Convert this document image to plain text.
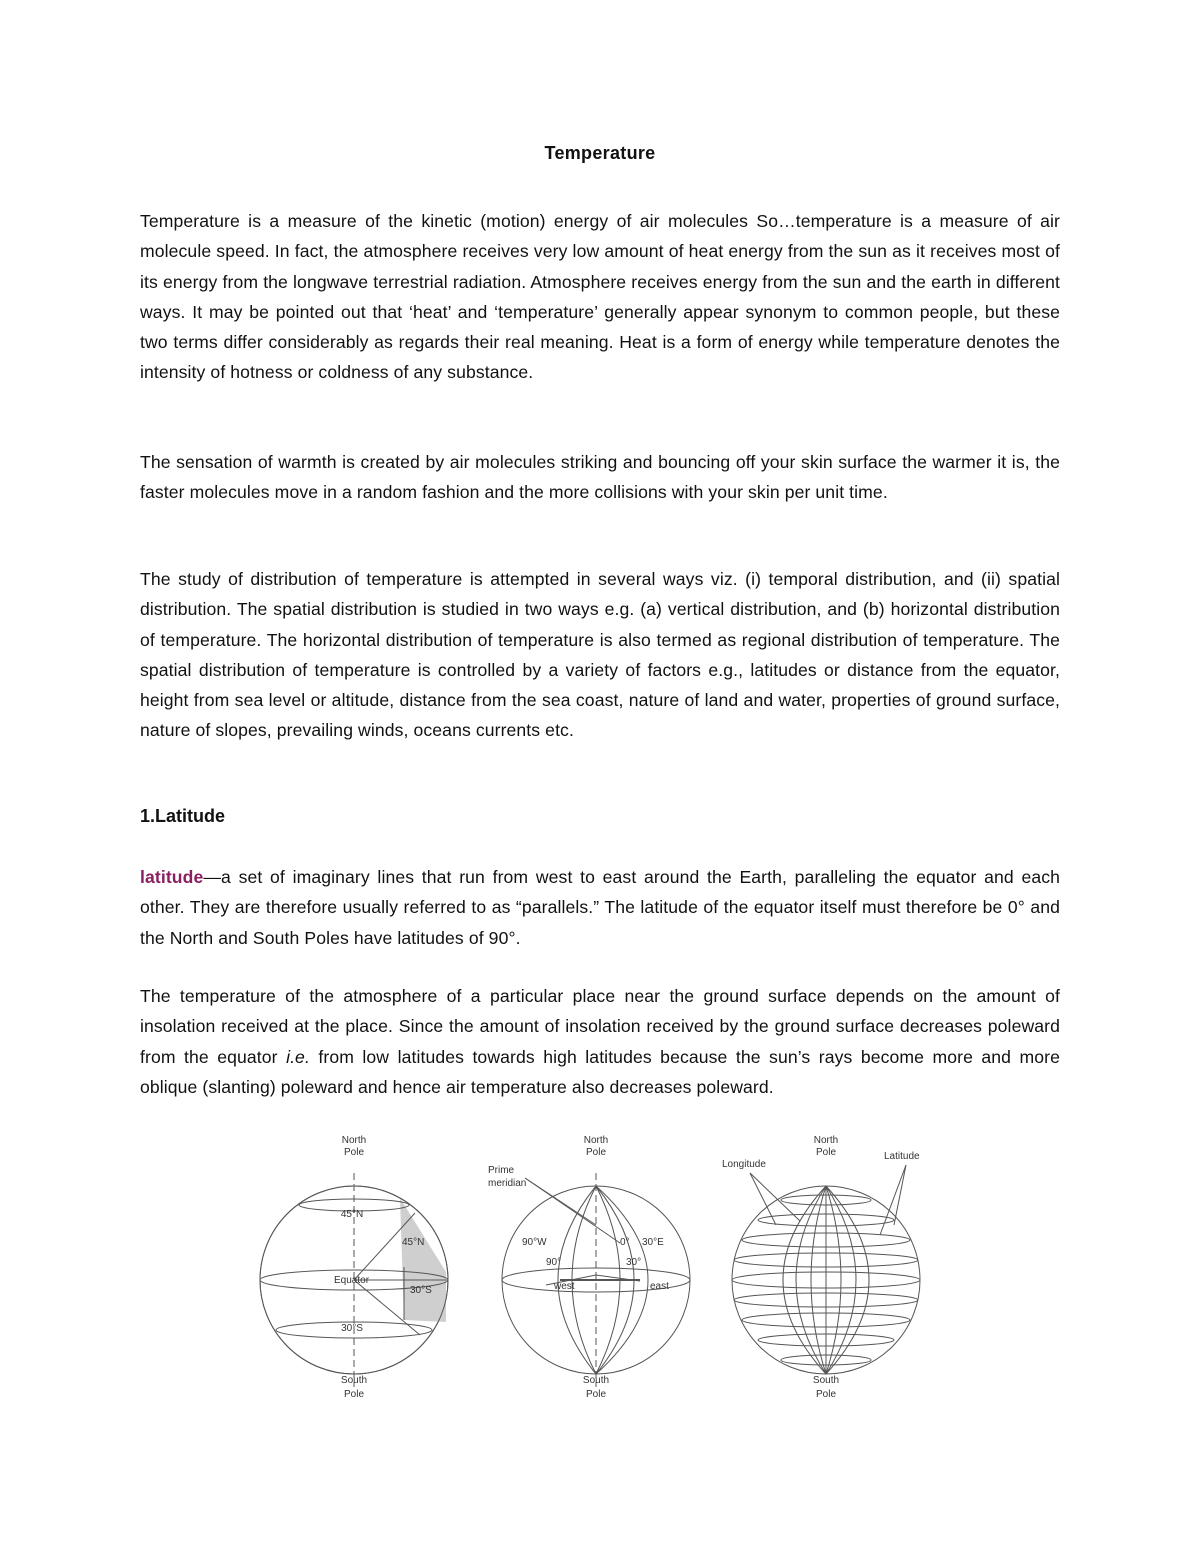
Temperature

Temperature is a measure of the kinetic (motion) energy of air molecules So…temperature is a measure of air molecule speed. In fact, the atmosphere receives very low amount of heat energy from the sun as it receives most of its energy from the longwave terrestrial radiation. Atmosphere receives energy from the sun and the earth in different ways. It may be pointed out that ‘heat’ and ‘temperature’ generally appear synonym to common people, but these two terms differ considerably as regards their real meaning. Heat is a form of energy while temperature denotes the intensity of hotness or coldness of any substance.

The sensation of warmth is created by air molecules striking and bouncing off your skin surface the warmer it is, the faster molecules move in a random fashion and the more collisions with your skin per unit time.

The study of distribution of temperature is attempted in several ways viz. (i) temporal distribution, and (ii) spatial distribution. The spatial distribution is studied in two ways e.g. (a) vertical distribution, and (b) horizontal distribution of temperature. The horizontal distribution of temperature is also termed as regional distribution of temperature. The spatial distribution of temperature is controlled by a variety of factors e.g., latitudes or distance from the equator, height from sea level or altitude, distance from the sea coast, nature of land and water, properties of ground surface, nature of slopes, prevailing winds, oceans currents etc.

1.Latitude

latitude—a set of imaginary lines that run from west to east around the Earth, paralleling the equator and each other. They are therefore usually referred to as “parallels.” The latitude of the equator itself must therefore be 0° and the North and South Poles have latitudes of 90°.

The temperature of the atmosphere of a particular place near the ground surface depends on the amount of insolation received at the place. Since the amount of insolation received by the ground surface decreases poleward from the equator i.e. from low latitudes towards high latitudes because the sun’s rays become more and more oblique (slanting) poleward and hence air temperature also decreases poleward.

North
Pole
45°N
45°N
Equator
30°S
30°S
South
Pole
North
Pole
Prime
meridian
90°W	0° 30°E
90°	30°
west	east
South
Pole
North
Pole
Longitude
Latitude
South
Pole
